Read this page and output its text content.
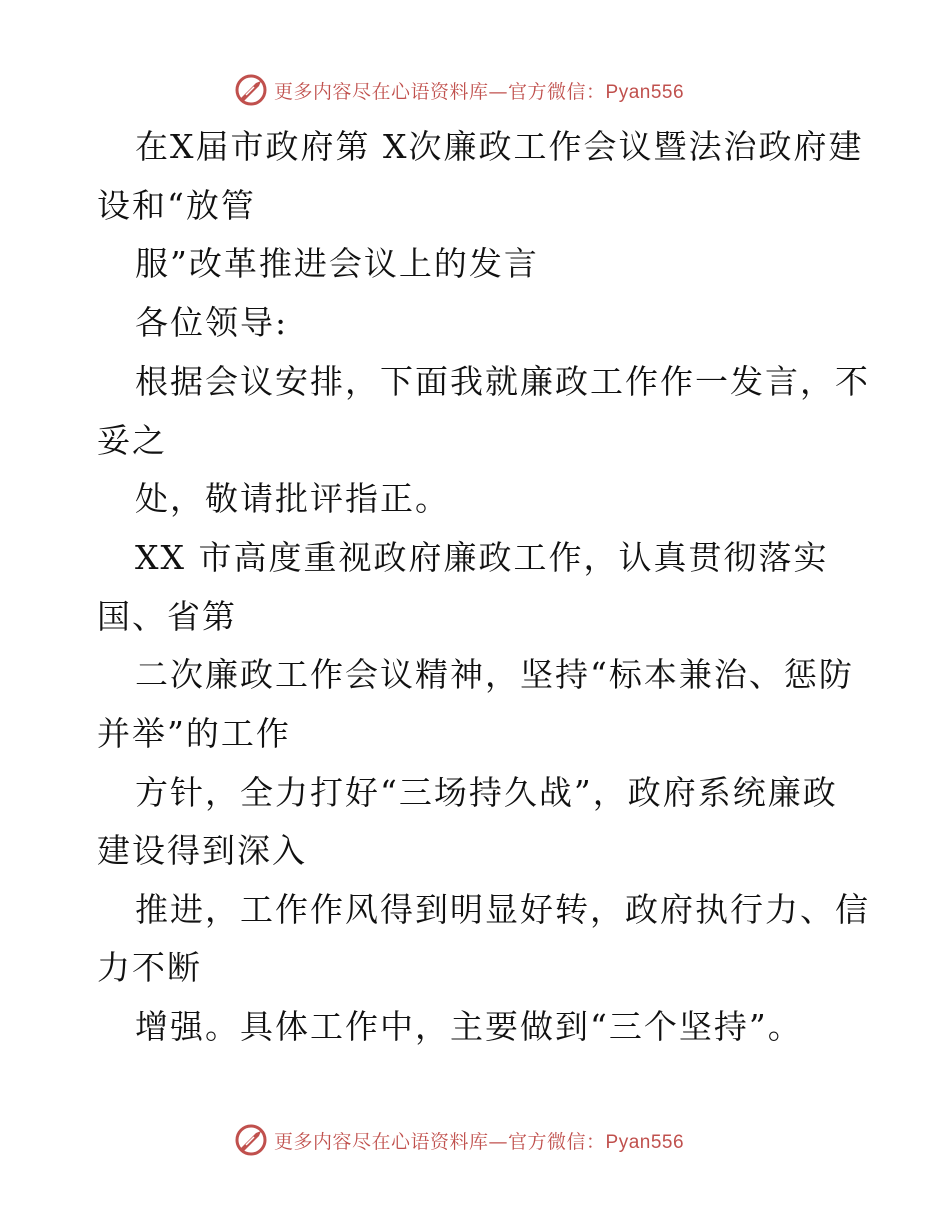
更多内容尽在心语资料库—官方微信：Pyan556
在X届市政府第 X次廉政工作会议暨法治政府建
设和“放管
服”改革推进会议上的发言
各位领导:
根据会议安排，下面我就廉政工作作一发言，不
妥之
处，敬请批评指正。
XX 市高度重视政府廉政工作，认真贯彻落实
国、省第
二次廉政工作会议精神，坚持“标本兼治、惩防
并举”的工作
方针，全力打好“三场持久战”，政府系统廉政
建设得到深入
推进，工作作风得到明显好转，政府执行力、信
力不断
增强。具体工作中，主要做到“三个坚持”。
更多内容尽在心语资料库—官方微信：Pyan556
